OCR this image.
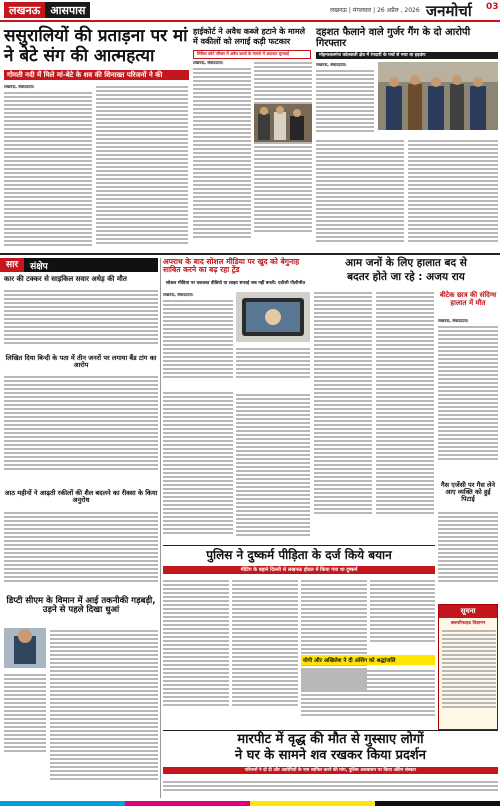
लखनऊ आसपास	लखनऊ | मंगलवार | 26 अप्रैल , 2026 जनमोर्चा 03
ससुरालियों की प्रताड़ना पर मां
ने बेटे संग की आत्महत्या
गोमती नदी में मिले मां-बेटे के शव की शिनाख्त परिजनों ने की
लखनऊ, संवाददाता।
हाईकोर्ट ने अवैध कब्जे हटाने के मामले
में वकीलों को लगाई कड़ी फटकार
सिविल कोर्ट परिसर में अवैध कब्जे के मामले में अदालत सुनवाई
लखनऊ, संवाददाता।
दहशत फैलाने वाले गुर्जर गैंग के दो आरोपी गिरफ्तार
मोहनलालगंज कोतवाली क्षेत्र में रंगदारी के पर्चा से मचा था हड़कंप
लखनऊ, संवाददाता।
सार	संक्षेप
कार की टक्कर से साइकिल सवार अधेड़ की मौत
लिखित दिया बिन्दी के पता में तीन जनरों पर लगाया बैंड टांग का आरोप
आठ महीनों ने आढ़ती रकीलों की शैल बदलने का रीक्सा के किया अनुरोध
डिप्टी सीएम के विमान में आई तकनीकी गड़बड़ी, उड़ने से पहले दिखा धुआं
अपराध के बाद सोशल मीडिया पर खुद को बेगुनाह साबित करने का बढ़ रहा ट्रेंड
सोशल मीडिया पर वकालत वीडियो या लाइव सफाई जब नहीं बनती: एडीजी पीलीभीत
लखनऊ, संवाददाता।
आम जनों के लिए हालात बद से
बदतर होते जा रहे : अजय राय
बीटेक छात्र की संदिग्ध हालात में मौत
लखनऊ, संवाददाता।
पुलिस ने दुष्कर्म पीड़िता के दर्ज किये बयान
मीटिंग के बहाने दिल्ली से लखनऊ होटल में किया गया था दुष्कर्म
योगी और अखिलेश ने दी अंशिंग को श्रद्धांजलि
गैस एजेंसी पर गैस लेने आए व्यक्ति को हुई पिटाई
सूचना
क्लासीफाइड विज्ञापन
मारपीट में वृद्ध की मौत से गुस्साए लोगों
ने घर के सामने शव रखकर किया प्रदर्शन
परिजनों ने दो दी और आरोपियों के नाम शामिल करने की मांग, पुलिस आश्वासन पर किया अंतिम संस्कार
